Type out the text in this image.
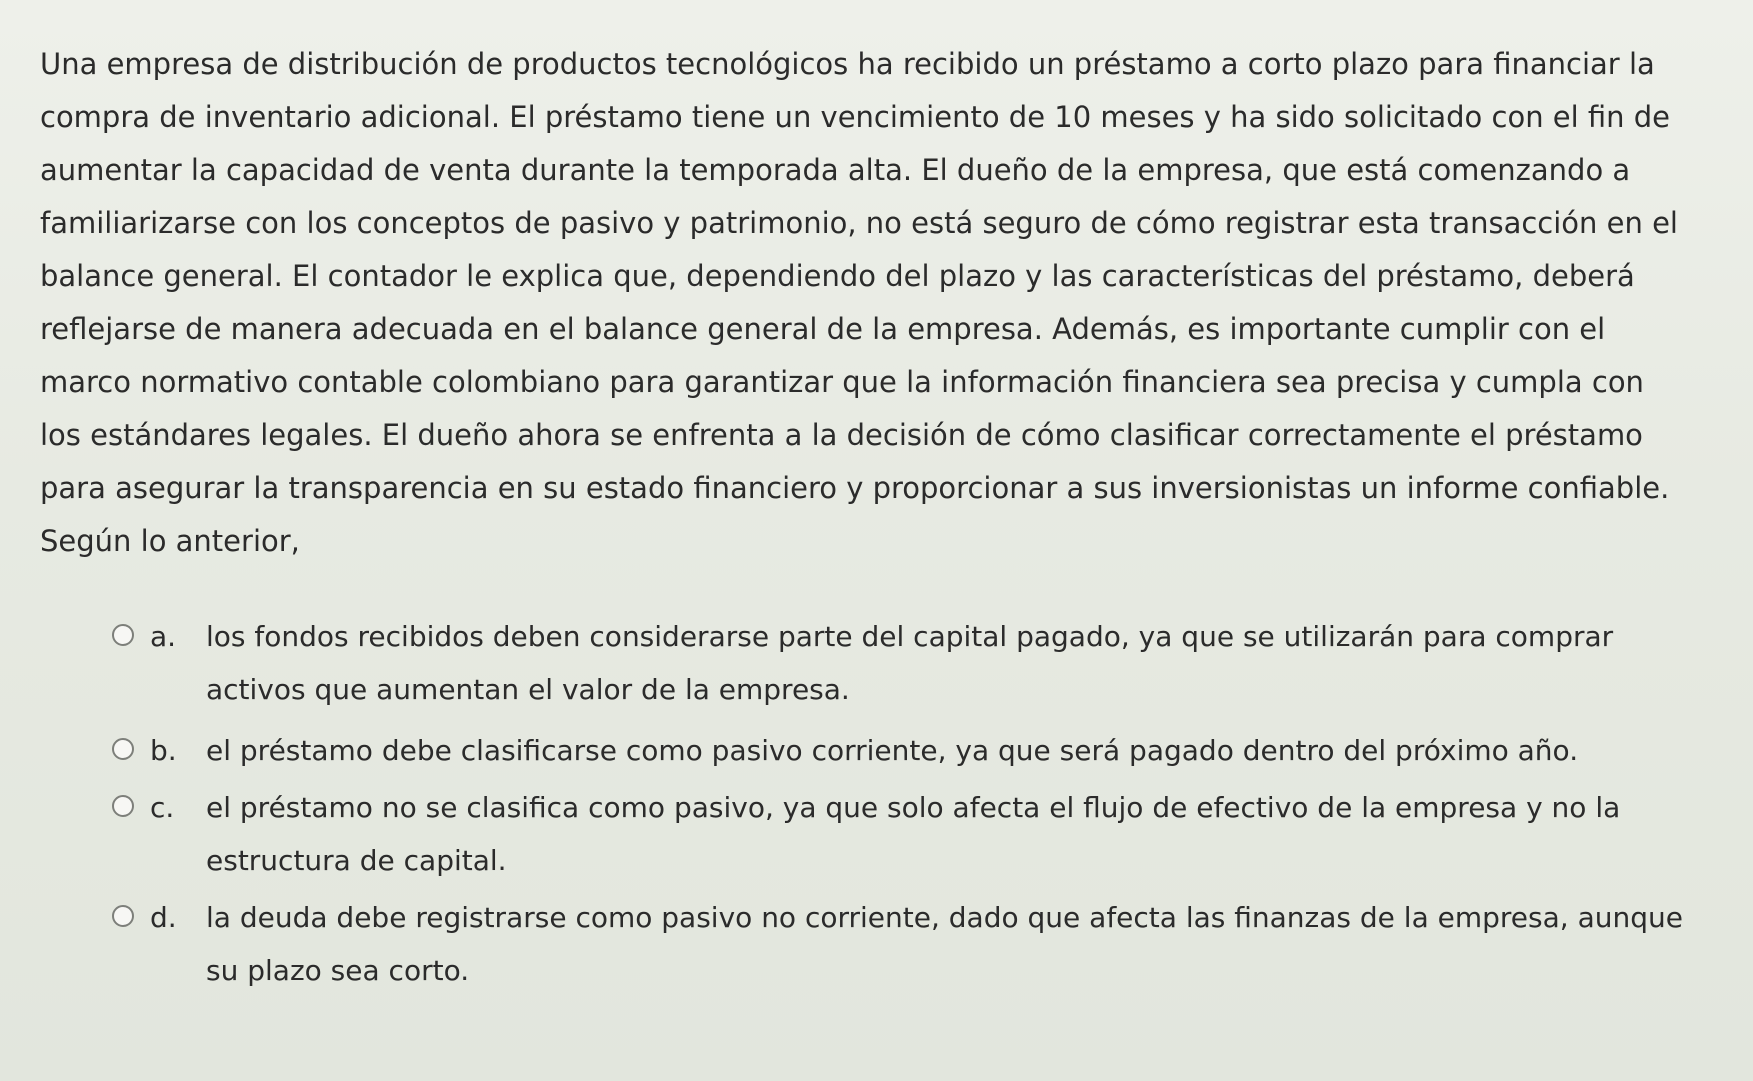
Una empresa de distribución de productos tecnológicos ha recibido un préstamo a corto plazo para financiar la compra de inventario adicional. El préstamo tiene un vencimiento de 10 meses y ha sido solicitado con el fin de aumentar la capacidad de venta durante la temporada alta. El dueño de la empresa, que está comenzando a familiarizarse con los conceptos de pasivo y patrimonio, no está seguro de cómo registrar esta transacción en el balance general. El contador le explica que, dependiendo del plazo y las características del préstamo, deberá reflejarse de manera adecuada en el balance general de la empresa. Además, es importante cumplir con el marco normativo contable colombiano para garantizar que la información financiera sea precisa y cumpla con los estándares legales. El dueño ahora se enfrenta a la decisión de cómo clasificar correctamente el préstamo para asegurar la transparencia en su estado financiero y proporcionar a sus inversionistas un informe confiable. Según lo anterior,

a.	los fondos recibidos deben considerarse parte del capital pagado, ya que se utilizarán para comprar activos que aumentan el valor de la empresa.
b.	el préstamo debe clasificarse como pasivo corriente, ya que será pagado dentro del próximo año.
c.	el préstamo no se clasifica como pasivo, ya que solo afecta el flujo de efectivo de la empresa y no la estructura de capital.
d.	la deuda debe registrarse como pasivo no corriente, dado que afecta las finanzas de la empresa, aunque su plazo sea corto.
